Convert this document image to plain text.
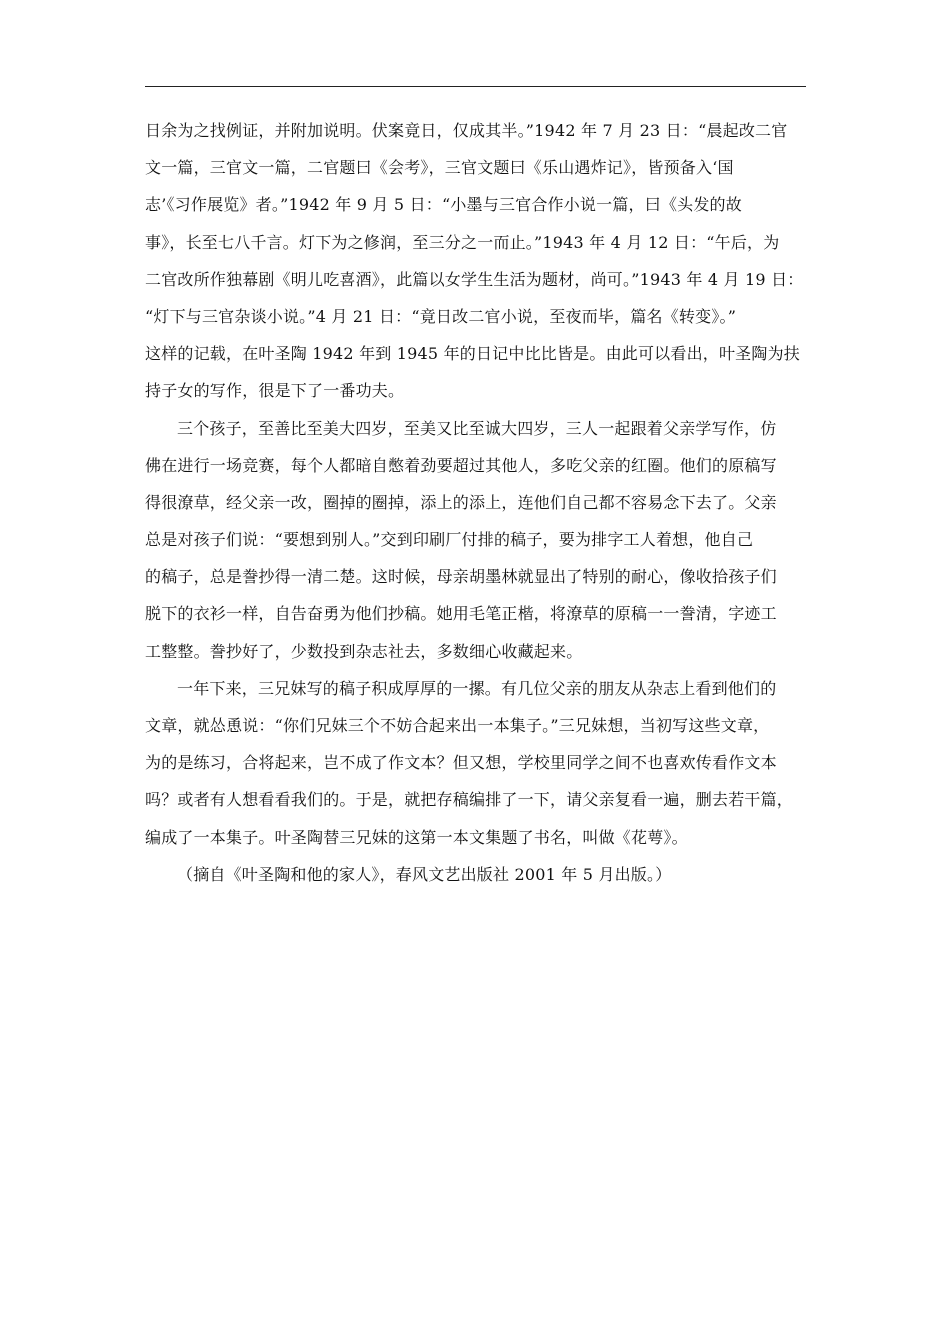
日余为之找例证，并附加说明。伏案竟日，仅成其半。”1942 年 7 月 23 日：“晨起改二官
文一篇，三官文一篇，二官题曰《会考》，三官文题曰《乐山遇炸记》，皆预备入‘国
志’《习作展览》者。”1942 年 9 月 5 日：“小墨与三官合作小说一篇，曰《头发的故
事》，长至七八千言。灯下为之修润，至三分之一而止。”1943 年 4 月 12 日：“午后，为
二官改所作独幕剧《明儿吃喜酒》，此篇以女学生生活为题材，尚可。”1943 年 4 月 19 日：
“灯下与三官杂谈小说。”4 月 21 日：“竟日改二官小说，至夜而毕，篇名《转变》。”
这样的记载，在叶圣陶 1942 年到 1945 年的日记中比比皆是。由此可以看出，叶圣陶为扶
持子女的写作，很是下了一番功夫。
三个孩子，至善比至美大四岁，至美又比至诚大四岁，三人一起跟着父亲学写作，仿
佛在进行一场竞赛，每个人都暗自憋着劲要超过其他人，多吃父亲的红圈。他们的原稿写
得很潦草，经父亲一改，圈掉的圈掉，添上的添上，连他们自己都不容易念下去了。父亲
总是对孩子们说：“要想到别人。”交到印刷厂付排的稿子，要为排字工人着想，他自己
的稿子，总是誊抄得一清二楚。这时候，母亲胡墨林就显出了特别的耐心，像收拾孩子们
脱下的衣衫一样，自告奋勇为他们抄稿。她用毛笔正楷，将潦草的原稿一一誊清，字迹工
工整整。誊抄好了，少数投到杂志社去，多数细心收藏起来。
一年下来，三兄妹写的稿子积成厚厚的一摞。有几位父亲的朋友从杂志上看到他们的
文章，就怂恿说：“你们兄妹三个不妨合起来出一本集子。”三兄妹想，当初写这些文章，
为的是练习，合将起来，岂不成了作文本？但又想，学校里同学之间不也喜欢传看作文本
吗？或者有人想看看我们的。于是，就把存稿编排了一下，请父亲复看一遍，删去若干篇，
编成了一本集子。叶圣陶替三兄妹的这第一本文集题了书名，叫做《花萼》。
（摘自《叶圣陶和他的家人》，春风文艺出版社 2001 年 5 月出版。）
